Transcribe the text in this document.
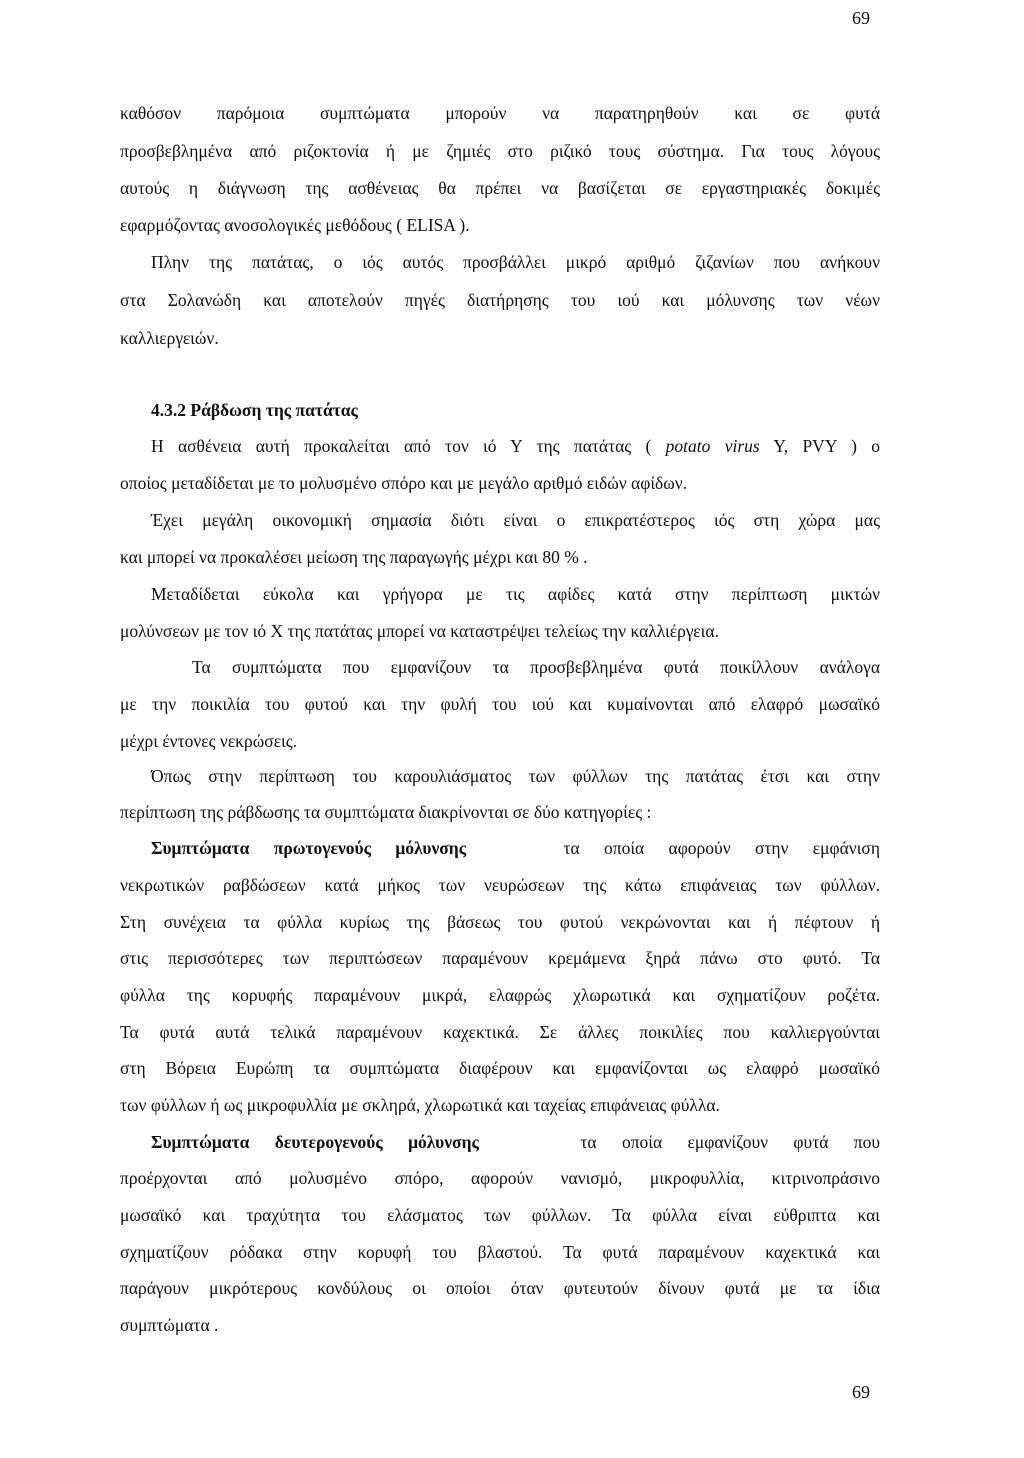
69

καθόσον παρόμοια συμπτώματα μπορούν να παρατηρηθούν και σε φυτά

προσβεβλημένα από ριζοκτονία ή με ζημιές στο ριζικό τους σύστημα. Για τους λόγους

αυτούς η διάγνωση της ασθένειας θα πρέπει να βασίζεται σε εργαστηριακές δοκιμές

εφαρμόζοντας ανοσολογικές μεθόδους ( ELISA ).

Πλην της πατάτας, ο ιός αυτός προσβάλλει μικρό αριθμό ζιζανίων που ανήκουν

στα Σολανώδη και αποτελούν πηγές διατήρησης του ιού και μόλυνσης των νέων

καλλιεργειών.

4.3.2 Ράβδωση της πατάτας

Η ασθένεια αυτή προκαλείται από τον ιό Υ της πατάτας ( potato virus Y, PVY ) ο

οποίος μεταδίδεται με το μολυσμένο σπόρο και με μεγάλο αριθμό ειδών αφίδων.

Έχει μεγάλη οικονομική σημασία διότι είναι ο επικρατέστερος ιός στη χώρα μας

και μπορεί να προκαλέσει μείωση της παραγωγής μέχρι και 80 % .

Μεταδίδεται εύκολα και γρήγορα με τις αφίδες κατά στην περίπτωση μικτών

μολύνσεων με τον ιό Χ της πατάτας μπορεί να καταστρέψει τελείως την καλλιέργεια.

Τα συμπτώματα που εμφανίζουν τα προσβεβλημένα φυτά ποικίλλουν ανάλογα

με την ποικιλία του φυτού και την φυλή του ιού και κυμαίνονται από ελαφρό μωσαϊκό

μέχρι έντονες νεκρώσεις.

Όπως στην περίπτωση του καρουλιάσματος των φύλλων της πατάτας έτσι και στην

περίπτωση της ράβδωσης τα συμπτώματα διακρίνονται σε δύο κατηγορίες :

Συμπτώματα πρωτογενούς μόλυνσης	τα οποία αφορούν στην εμφάνιση

νεκρωτικών ραβδώσεων κατά μήκος των νευρώσεων της κάτω επιφάνειας των φύλλων.

Στη συνέχεια τα φύλλα κυρίως της βάσεως του φυτού νεκρώνονται και ή πέφτουν ή

στις περισσότερες των περιπτώσεων παραμένουν κρεμάμενα ξηρά πάνω στο φυτό. Τα

φύλλα της κορυφής παραμένουν μικρά, ελαφρώς χλωρωτικά και σχηματίζουν ροζέτα.

Τα φυτά αυτά τελικά παραμένουν καχεκτικά. Σε άλλες ποικιλίες που καλλιεργούνται

στη Βόρεια Ευρώπη τα συμπτώματα διαφέρουν και εμφανίζονται ως ελαφρό μωσαϊκό

των φύλλων ή ως μικροφυλλία με σκληρά, χλωρωτικά και ταχείας επιφάνειας φύλλα.

Συμπτώματα δευτερογενούς μόλυνσης	τα οποία εμφανίζουν φυτά που

προέρχονται από μολυσμένο σπόρο, αφορούν νανισμό, μικροφυλλία, κιτρινοπράσινο

μωσαϊκό και τραχύτητα του ελάσματος των φύλλων. Τα φύλλα είναι εύθριπτα και

σχηματίζουν ρόδακα στην κορυφή του βλαστού. Τα φυτά παραμένουν καχεκτικά και

παράγουν μικρότερους κονδύλους οι οποίοι όταν φυτευτούν δίνουν φυτά με τα ίδια

συμπτώματα .

69
